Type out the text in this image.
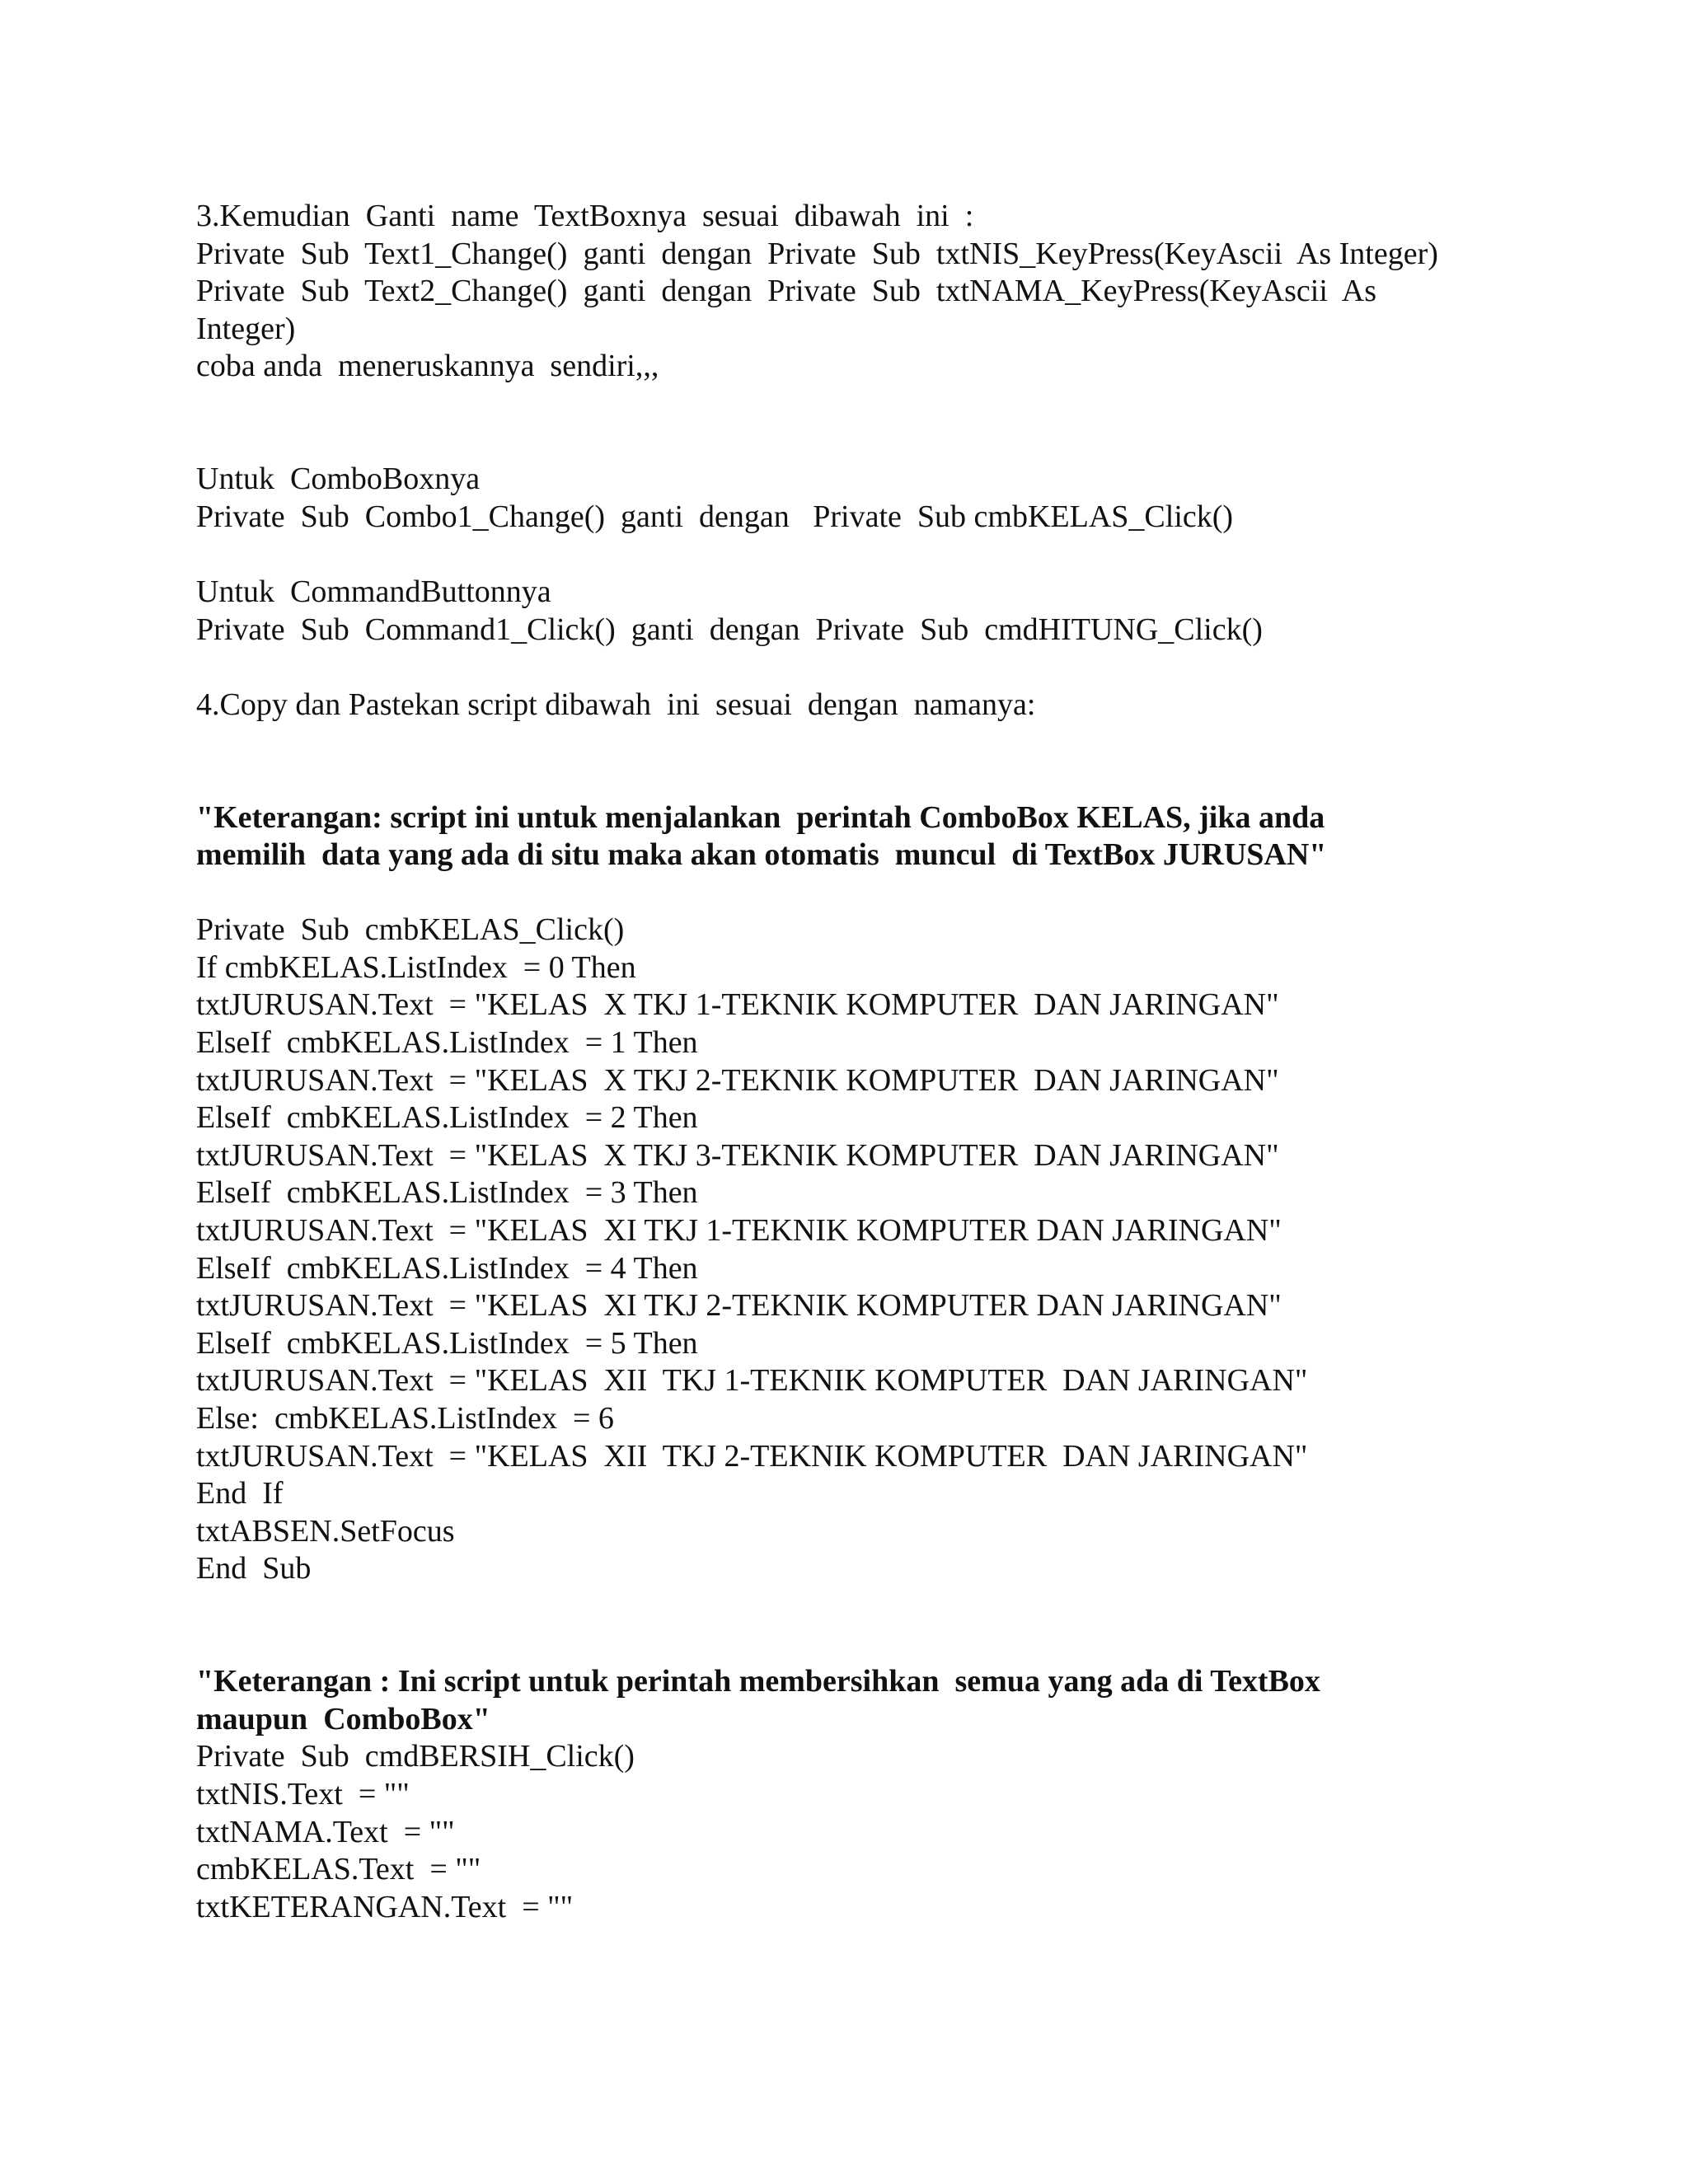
3.Kemudian  Ganti  name  TextBoxnya  sesuai  dibawah  ini  :
Private  Sub  Text1_Change()  ganti  dengan  Private  Sub  txtNIS_KeyPress(KeyAscii  As Integer)
Private  Sub  Text2_Change()  ganti  dengan  Private  Sub  txtNAMA_KeyPress(KeyAscii  As
Integer)
coba anda  meneruskannya  sendiri,,,
Untuk  ComboBoxnya
Private  Sub  Combo1_Change()  ganti  dengan   Private  Sub cmbKELAS_Click()
Untuk  CommandButtonnya
Private  Sub  Command1_Click()  ganti  dengan  Private  Sub  cmdHITUNG_Click()
4.Copy dan Pastekan script dibawah  ini  sesuai  dengan  namanya:
"Keterangan: script ini untuk menjalankan  perintah ComboBox KELAS, jika anda
memilih  data yang ada di situ maka akan otomatis  muncul  di TextBox JURUSAN"
Private  Sub  cmbKELAS_Click()
If cmbKELAS.ListIndex  = 0 Then
txtJURUSAN.Text  = "KELAS  X TKJ 1-TEKNIK KOMPUTER  DAN JARINGAN"
ElseIf  cmbKELAS.ListIndex  = 1 Then
txtJURUSAN.Text  = "KELAS  X TKJ 2-TEKNIK KOMPUTER  DAN JARINGAN"
ElseIf  cmbKELAS.ListIndex  = 2 Then
txtJURUSAN.Text  = "KELAS  X TKJ 3-TEKNIK KOMPUTER  DAN JARINGAN"
ElseIf  cmbKELAS.ListIndex  = 3 Then
txtJURUSAN.Text  = "KELAS  XI TKJ 1-TEKNIK KOMPUTER DAN JARINGAN"
ElseIf  cmbKELAS.ListIndex  = 4 Then
txtJURUSAN.Text  = "KELAS  XI TKJ 2-TEKNIK KOMPUTER DAN JARINGAN"
ElseIf  cmbKELAS.ListIndex  = 5 Then
txtJURUSAN.Text  = "KELAS  XII  TKJ 1-TEKNIK KOMPUTER  DAN JARINGAN"
Else:  cmbKELAS.ListIndex  = 6
txtJURUSAN.Text  = "KELAS  XII  TKJ 2-TEKNIK KOMPUTER  DAN JARINGAN"
End  If
txtABSEN.SetFocus
End  Sub
"Keterangan : Ini script untuk perintah membersihkan  semua yang ada di TextBox
maupun  ComboBox"
Private  Sub  cmdBERSIH_Click()
txtNIS.Text  = ""
txtNAMA.Text  = ""
cmbKELAS.Text  = ""
txtKETERANGAN.Text  = ""
